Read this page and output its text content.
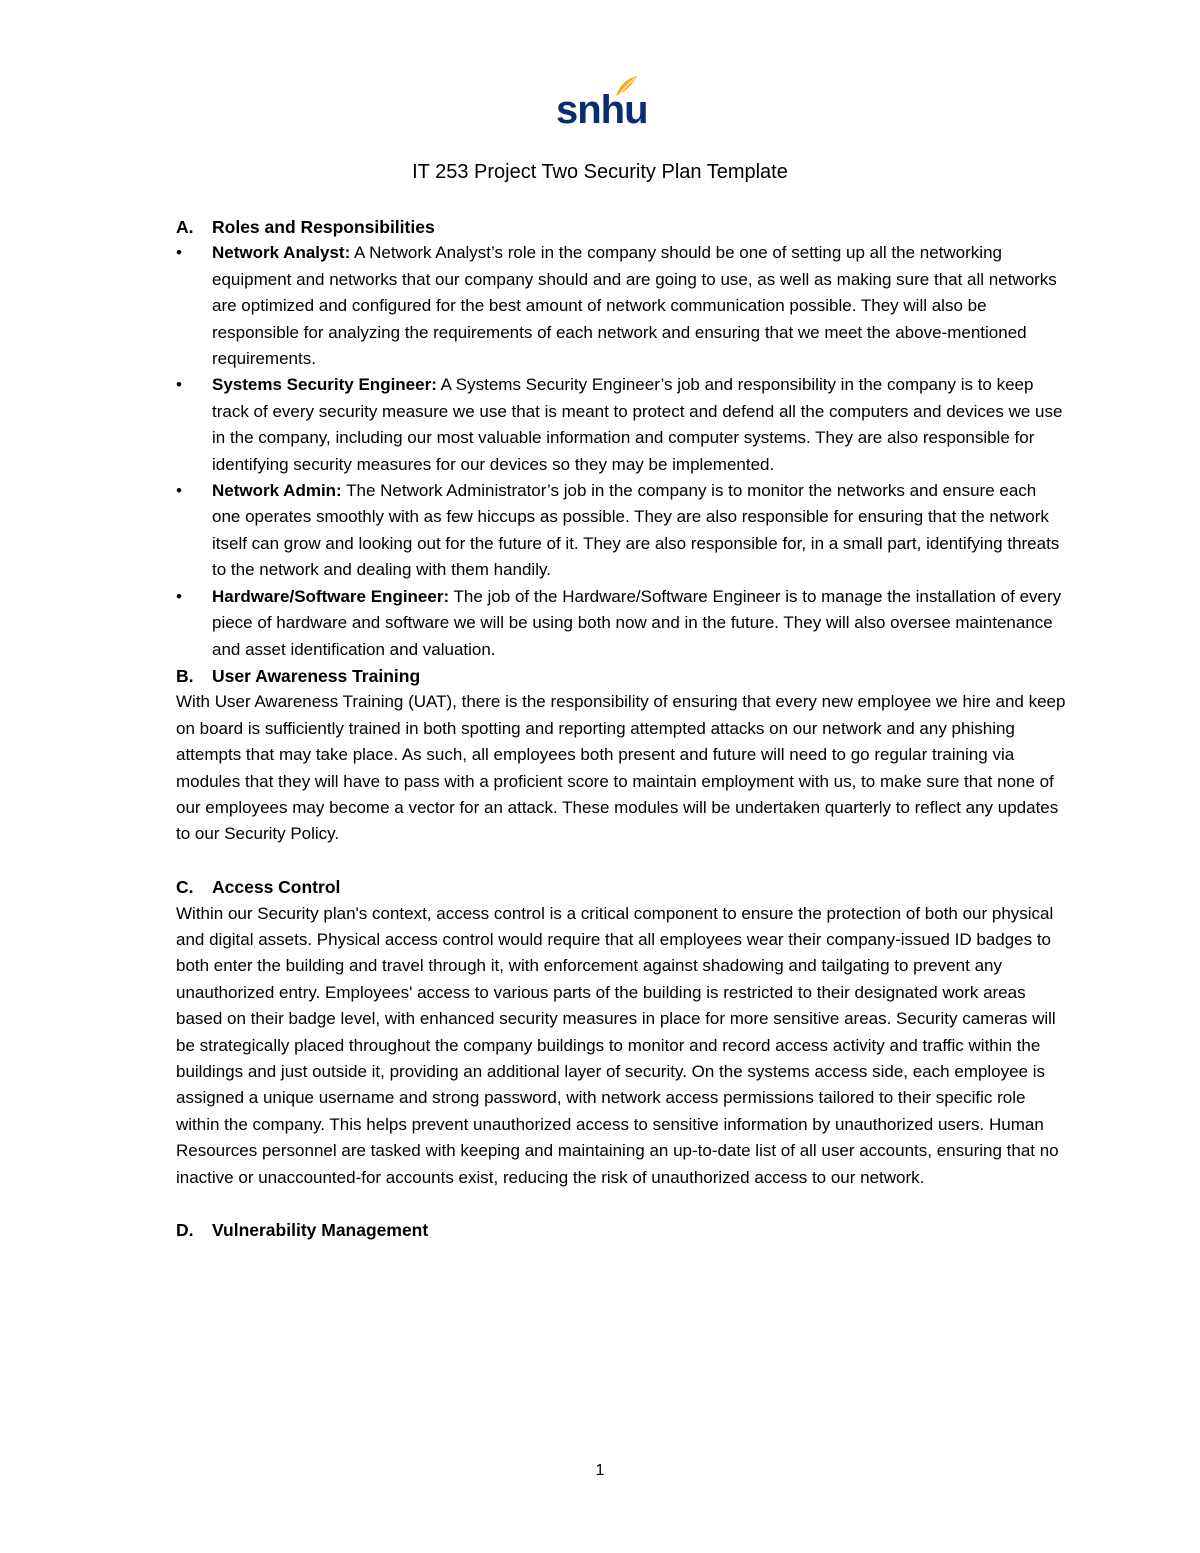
snhu
IT 253 Project Two Security Plan Template
A.	Roles and Responsibilities
•	Network Analyst: A Network Analyst’s role in the company should be one of setting up all the networking equipment and networks that our company should and are going to use, as well as making sure that all networks are optimized and configured for the best amount of network communication possible. They will also be responsible for analyzing the requirements of each network and ensuring that we meet the above-mentioned requirements.
•	Systems Security Engineer: A Systems Security Engineer’s job and responsibility in the company is to keep track of every security measure we use that is meant to protect and defend all the computers and devices we use in the company, including our most valuable information and computer systems. They are also responsible for identifying security measures for our devices so they may be implemented.
•	Network Admin: The Network Administrator’s job in the company is to monitor the networks and ensure each one operates smoothly with as few hiccups as possible. They are also responsible for ensuring that the network itself can grow and looking out for the future of it. They are also responsible for, in a small part, identifying threats to the network and dealing with them handily.
•	Hardware/Software Engineer: The job of the Hardware/Software Engineer is to manage the installation of every piece of hardware and software we will be using both now and in the future. They will also oversee maintenance and asset identification and valuation.
B.	User Awareness Training

With User Awareness Training (UAT), there is the responsibility of ensuring that every new employee we hire and keep on board is sufficiently trained in both spotting and reporting attempted attacks on our network and any phishing attempts that may take place. As such, all employees both present and future will need to go regular training via modules that they will have to pass with a proficient score to maintain employment with us, to make sure that none of our employees may become a vector for an attack. These modules will be undertaken quarterly to reflect any updates to our Security Policy.

C.	Access Control

Within our Security plan's context, access control is a critical component to ensure the protection of both our physical and digital assets. Physical access control would require that all employees wear their company-issued ID badges to both enter the building and travel through it, with enforcement against shadowing and tailgating to prevent any unauthorized entry. Employees' access to various parts of the building is restricted to their designated work areas based on their badge level, with enhanced security measures in place for more sensitive areas. Security cameras will be strategically placed throughout the company buildings to monitor and record access activity and traffic within the buildings and just outside it, providing an additional layer of security. On the systems access side, each employee is assigned a unique username and strong password, with network access permissions tailored to their specific role within the company. This helps prevent unauthorized access to sensitive information by unauthorized users. Human Resources personnel are tasked with keeping and maintaining an up-to-date list of all user accounts, ensuring that no inactive or unaccounted-for accounts exist, reducing the risk of unauthorized access to our network.

D.	Vulnerability Management
1
